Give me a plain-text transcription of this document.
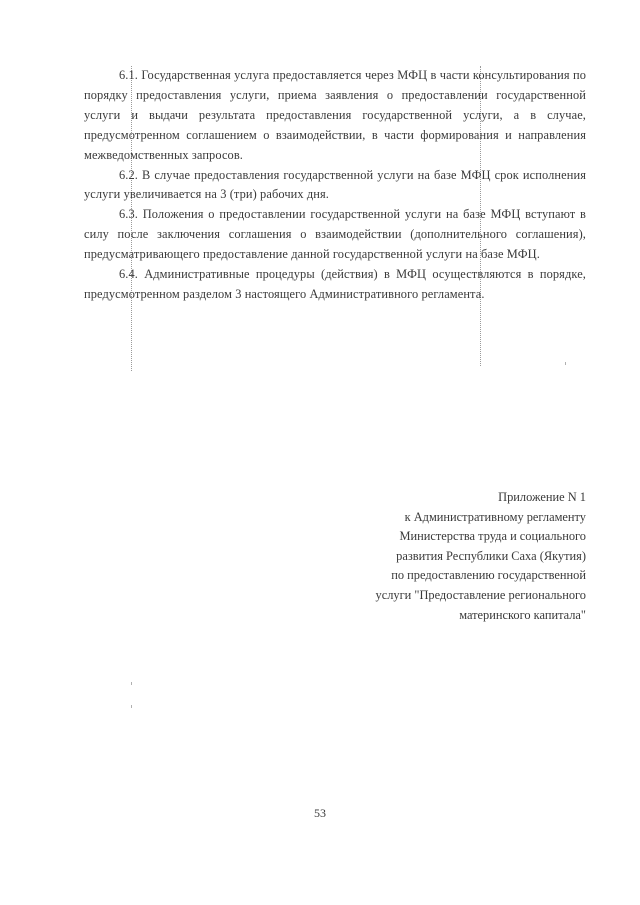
6.1. Государственная услуга предоставляется через МФЦ в части консультирования по порядку предоставления услуги, приема заявления о предоставлении государственной услуги и выдачи результата предоставления государственной услуги, а в случае, предусмотренном соглашением о взаимодействии, в части формирования и направления межведомственных запросов.

6.2. В случае предоставления государственной услуги на базе МФЦ срок исполнения услуги увеличивается на 3 (три) рабочих дня.

6.3. Положения о предоставлении государственной услуги на базе МФЦ вступают в силу после заключения соглашения о взаимодействии (дополнительного соглашения), предусматривающего предоставление данной государственной услуги на базе МФЦ.

6.4. Административные процедуры (действия) в МФЦ осуществляются в порядке, предусмотренном разделом 3 настоящего Административного регламента.

Приложение N 1
к Административному регламенту
Министерства труда и социального
развития Республики Саха (Якутия)
по предоставлению государственной
услуги "Предоставление регионального
материнского капитала"
53
